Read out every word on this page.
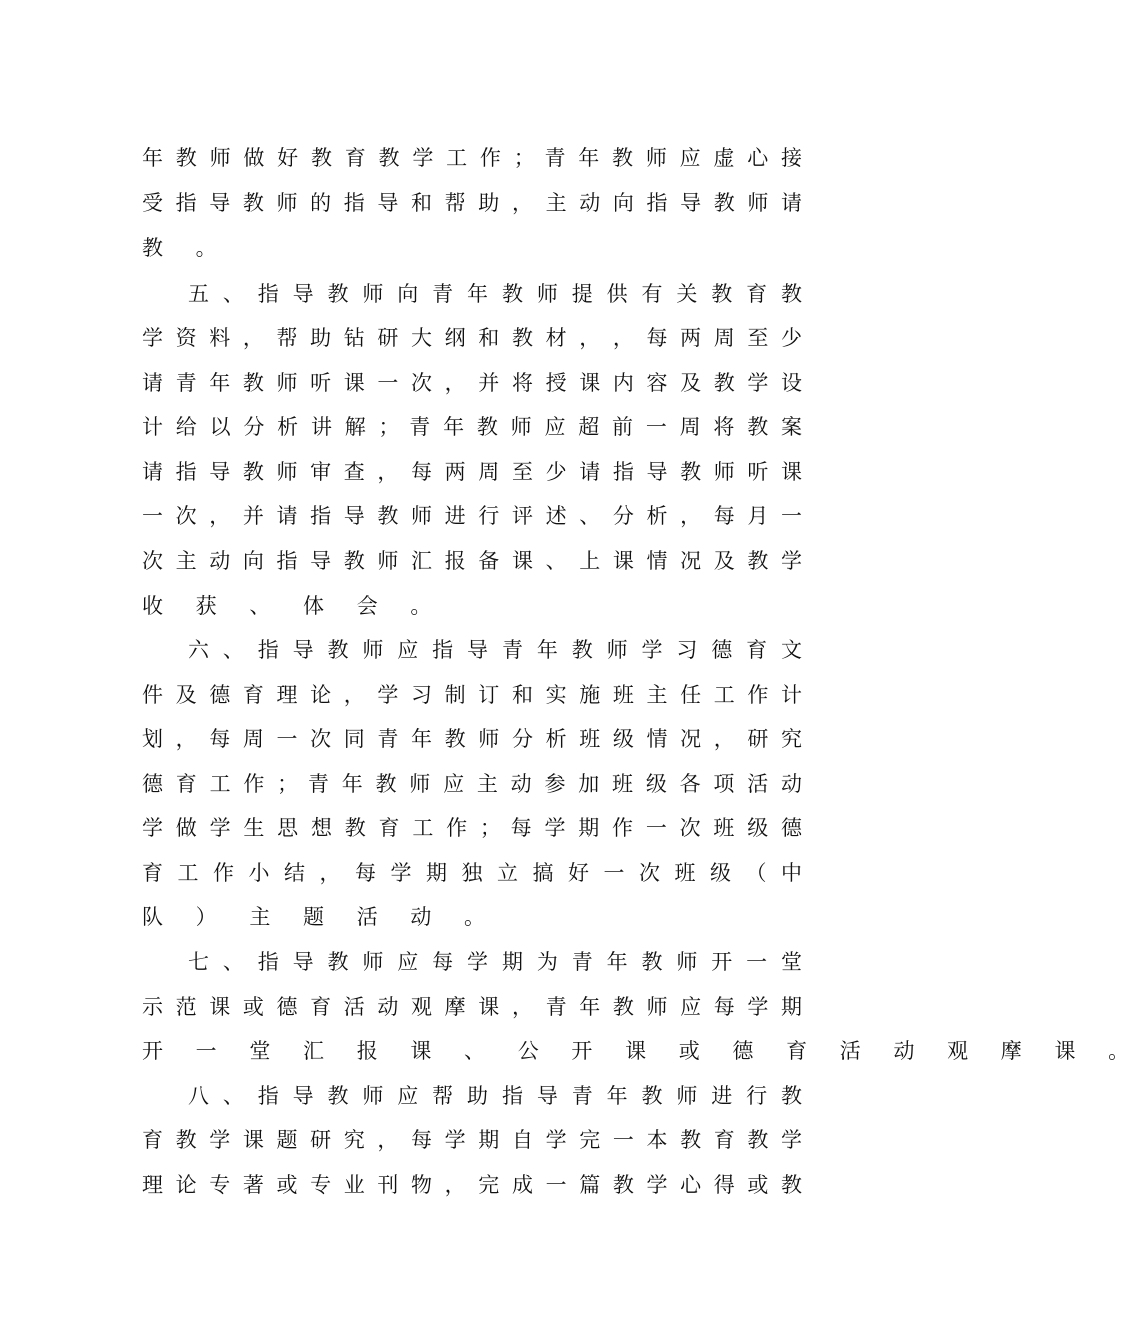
年 教 师 做 好 教 育 教 学 工 作 ； 青 年 教 师 应 虚 心 接
受 指 导 教 师 的 指 导 和 帮 助 ， 主 动 向 指 导 教 师 请
教 。
五 、 指 导 教 师 向 青 年 教 师 提 供 有 关 教 育 教
学 资 料 ， 帮 助 钻 研 大 纲 和 教 材 ， ， 每 两 周 至 少
请 青 年 教 师 听 课 一 次 ， 并 将 授 课 内 容 及 教 学 设
计 给 以 分 析 讲 解 ； 青 年 教 师 应 超 前 一 周 将 教 案
请 指 导 教 师 审 查 ， 每 两 周 至 少 请 指 导 教 师 听 课
一 次 ， 并 请 指 导 教 师 进 行 评 述 、 分 析 ， 每 月 一
次 主 动 向 指 导 教 师 汇 报 备 课 、 上 课 情 况 及 教 学
收 获 、 体 会 。
六 、 指 导 教 师 应 指 导 青 年 教 师 学 习 德 育 文
件 及 德 育 理 论 ， 学 习 制 订 和 实 施 班 主 任 工 作 计
划 ， 每 周 一 次 同 青 年 教 师 分 析 班 级 情 况 ， 研 究
德 育 工 作 ； 青 年 教 师 应 主 动 参 加 班 级 各 项 活 动
学 做 学 生 思 想 教 育 工 作 ； 每 学 期 作 一 次 班 级 德
育 工 作 小 结 ， 每 学 期 独 立 搞 好 一 次 班 级 （ 中
队 ） 主 题 活 动 。
七 、 指 导 教 师 应 每 学 期 为 青 年 教 师 开 一 堂
示 范 课 或 德 育 活 动 观 摩 课 ， 青 年 教 师 应 每 学 期
开 一 堂 汇 报 课 、 公 开 课 或 德 育 活 动 观 摩 课 。
八 、 指 导 教 师 应 帮 助 指 导 青 年 教 师 进 行 教
育 教 学 课 题 研 究 ， 每 学 期 自 学 完 一 本 教 育 教 学
理 论 专 著 或 专 业 刊 物 ， 完 成 一 篇 教 学 心 得 或 教
